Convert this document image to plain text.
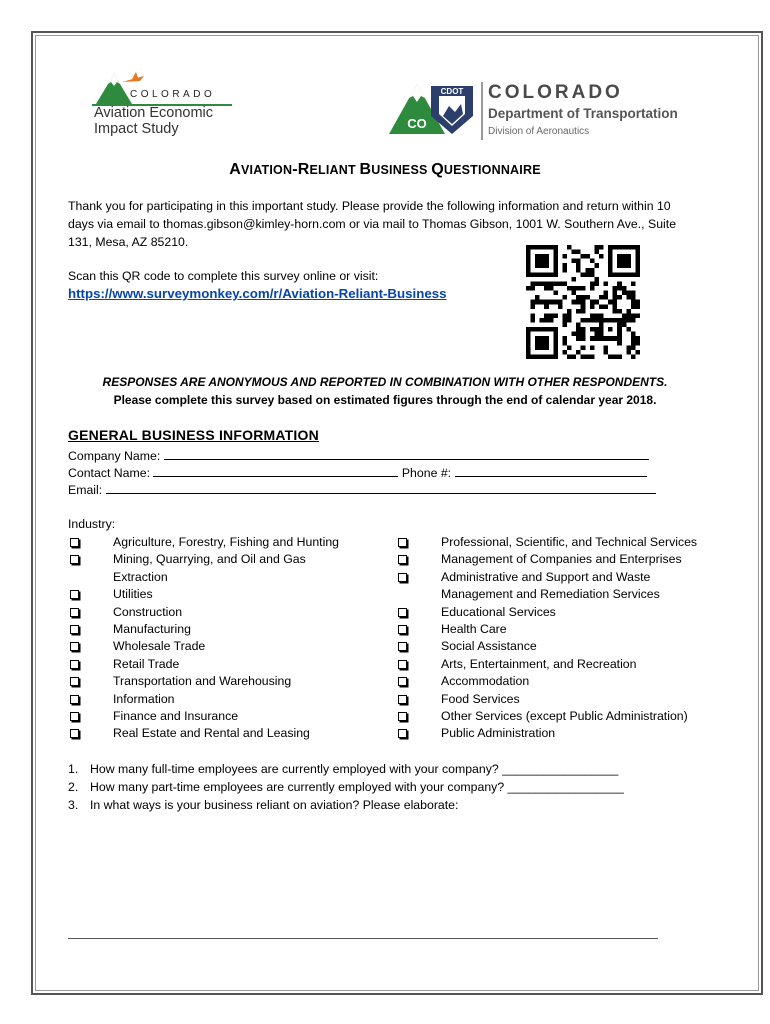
COLORADO
Aviation Economic
Impact Study
CDOT
CO
COLORADO
Department of Transportation
Division of Aeronautics
AVIATION-RELIANT BUSINESS QUESTIONNAIRE
Thank you for participating in this important study. Please provide the following information and return within 10
days via email to thomas.gibson@kimley-horn.com or via mail to Thomas Gibson, 1001 W. Southern Ave., Suite
131, Mesa, AZ 85210.
Scan this QR code to complete this survey online or visit:
https://www.surveymonkey.com/r/Aviation-Reliant-Business
RESPONSES ARE ANONYMOUS AND REPORTED IN COMBINATION WITH OTHER RESPONDENTS.
Please complete this survey based on estimated figures through the end of calendar year 2018.
GENERAL BUSINESS INFORMATION
Company Name:
Contact Name:	Phone #:
Email:
Industry:
Agriculture, Forestry, Fishing and Hunting
Mining, Quarrying, and Oil and Gas
Extraction
Utilities
Construction
Manufacturing
Wholesale Trade
Retail Trade
Transportation and Warehousing
Information
Finance and Insurance
Real Estate and Rental and Leasing
Professional, Scientific, and Technical Services
Management of Companies and Enterprises
Administrative and Support and Waste
Management and Remediation Services
Educational Services
Health Care
Social Assistance
Arts, Entertainment, and Recreation
Accommodation
Food Services
Other Services (except Public Administration)
Public Administration
1. How many full-time employees are currently employed with your company? _________________
2. How many part-time employees are currently employed with your company? _________________
3. In what ways is your business reliant on aviation? Please elaborate:
